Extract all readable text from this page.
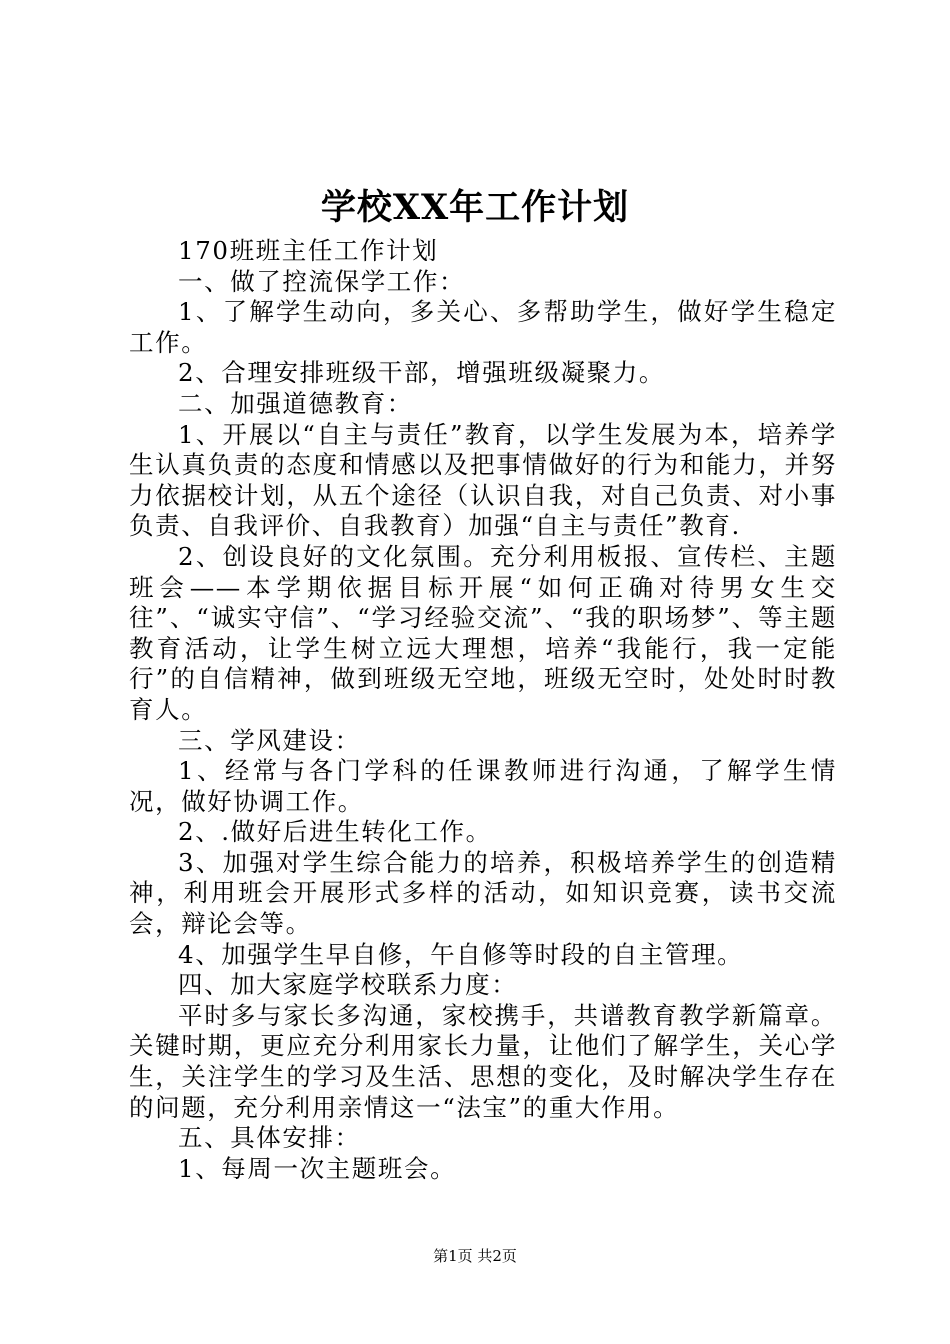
学校XX年工作计划

170班班主任工作计划

一、做了控流保学工作：

1、了解学生动向，多关心、多帮助学生，做好学生稳定工作。

2、合理安排班级干部，增强班级凝聚力。

二、加强道德教育：

1、开展以“自主与责任”教育，以学生发展为本，培养学生认真负责的态度和情感以及把事情做好的行为和能力，并努力依据校计划，从五个途径（认识自我，对自己负责、对小事负责、自我评价、自我教育）加强“自主与责任”教育.

2、创设良好的文化氛围。充分利用板报、宣传栏、主题班会——本学期依据目标开展“如何正确对待男女生交往”、“诚实守信”、“学习经验交流”、“我的职场梦”、等主题教育活动，让学生树立远大理想，培养“我能行，我一定能行”的自信精神，做到班级无空地，班级无空时，处处时时教育人。

三、学风建设：

1、经常与各门学科的任课教师进行沟通，了解学生情况，做好协调工作。

2、.做好后进生转化工作。

3、加强对学生综合能力的培养，积极培养学生的创造精神，利用班会开展形式多样的活动，如知识竞赛，读书交流会，辩论会等。

4、加强学生早自修，午自修等时段的自主管理。

四、加大家庭学校联系力度：

平时多与家长多沟通，家校携手，共谱教育教学新篇章。关键时期，更应充分利用家长力量，让他们了解学生，关心学生，关注学生的学习及生活、思想的变化，及时解决学生存在的问题，充分利用亲情这一“法宝”的重大作用。

五、具体安排：

1、每周一次主题班会。

第1页 共2页
